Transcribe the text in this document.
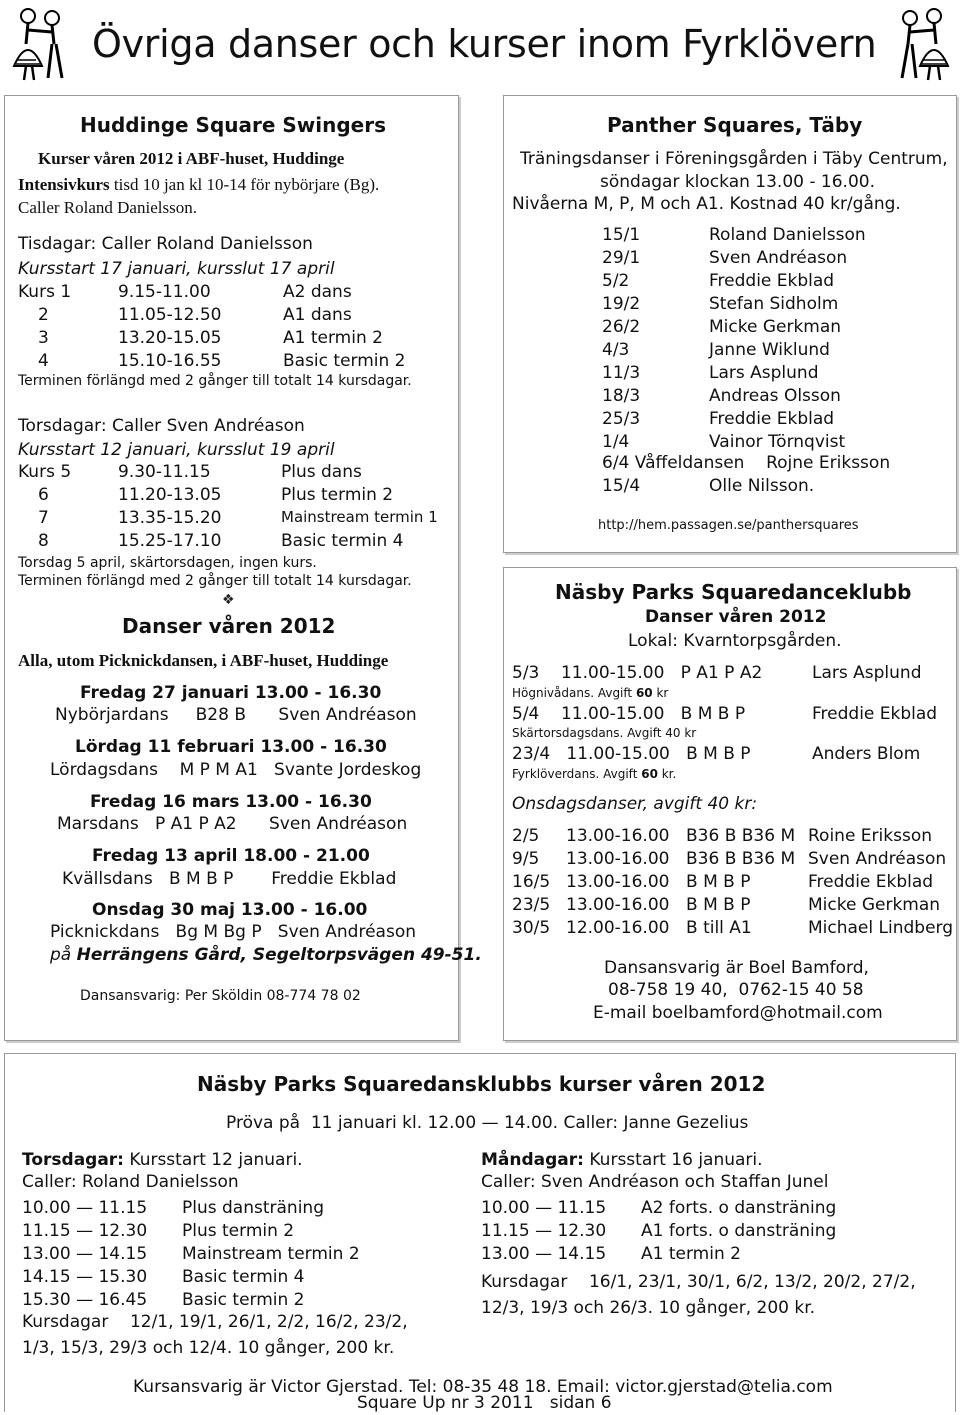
Övriga danser och kurser inom Fyrklövern
Huddinge Square Swingers
Kurser våren 2012 i ABF-huset, Huddinge
Intensivkurs tisd 10 jan kl 10-14 för nybörjare (Bg).
Caller Roland Danielsson.
Tisdagar: Caller Roland Danielsson
Kursstart 17 januari, kursslut 17 april
Kurs 1	9.15-11.00	A2 dans
2	11.05-12.50	A1 dans
3	13.20-15.05	A1 termin 2
4	15.10-16.55	Basic termin 2
Terminen förlängd med 2 gånger till totalt 14 kursdagar.
Torsdagar: Caller Sven Andréason
Kursstart 12 januari, kursslut 19 april
Kurs 5	9.30-11.15	Plus dans
6	11.20-13.05	Plus termin 2
7	13.35-15.20	Mainstream termin 1
8	15.25-17.10	Basic termin 4
Torsdag 5 april, skärtorsdagen, ingen kurs.
Terminen förlängd med 2 gånger till totalt 14 kursdagar.
❖
Danser våren 2012
Alla, utom Picknickdansen, i ABF-huset, Huddinge
Fredag 27 januari 13.00 - 16.30
Nybörjardans     B28 B      Sven Andréason
Lördag 11 februari 13.00 - 16.30
Lördagsdans    M P M A1   Svante Jordeskog
Fredag 16 mars 13.00 - 16.30
Marsdans   P A1 P A2      Sven Andréason
Fredag 13 april 18.00 - 21.00
Kvällsdans   B M B P       Freddie Ekblad
Onsdag 30 maj 13.00 - 16.00
Picknickdans   Bg M Bg P   Sven Andréason
på Herrängens Gård, Segeltorpsvägen 49-51.
Dansansvarig: Per Sköldin 08-774 78 02
Panther Squares, Täby
Träningsdanser i Föreningsgården i Täby Centrum,
söndagar klockan 13.00 - 16.00.
Nivåerna M, P, M och A1. Kostnad 40 kr/gång.
15/1	Roland Danielsson
29/1	Sven Andréason
5/2	Freddie Ekblad
19/2	Stefan Sidholm
26/2	Micke Gerkman
4/3	Janne Wiklund
11/3	Lars Asplund
18/3	Andreas Olsson
25/3	Freddie Ekblad
1/4	Vainor Törnqvist
6/4 Våffeldansen Rojne Eriksson
15/4	Olle Nilsson.
http://hem.passagen.se/panthersquares
Näsby Parks Squaredanceklubb
Danser våren 2012
Lokal: Kvarntorpsgården.
5/3    11.00-15.00   P A1 P A2	Lars Asplund
Högnivådans. Avgift 60 kr
5/4    11.00-15.00   B M B P	Freddie Ekblad
Skärtorsdagsdans. Avgift 40 kr
23/4   11.00-15.00   B M B P	Anders Blom
Fyrklöverdans. Avgift 60 kr.
Onsdagsdanser, avgift 40 kr:
2/5	13.00-16.00	B36 B B36 M	Roine Eriksson
9/5	13.00-16.00	B36 B B36 M	Sven Andréason
16/5	13.00-16.00	B M B P	Freddie Ekblad
23/5	13.00-16.00	B M B P	Micke Gerkman
30/5	12.00-16.00	B till A1	Michael Lindberg
Dansansvarig är Boel Bamford,
08-758 19 40,  0762-15 40 58
E-mail boelbamford@hotmail.com
Näsby Parks Squaredansklubbs kurser våren 2012
Pröva på  11 januari kl. 12.00 — 14.00. Caller: Janne Gezelius
Torsdagar: Kursstart 12 januari.
Caller: Roland Danielsson
10.00 — 11.15	Plus dansträning
11.15 — 12.30	Plus termin 2
13.00 — 14.15	Mainstream termin 2
14.15 — 15.30	Basic termin 4
15.30 — 16.45	Basic termin 2
Kursdagar    12/1, 19/1, 26/1, 2/2, 16/2, 23/2,
1/3, 15/3, 29/3 och 12/4. 10 gånger, 200 kr.
Måndagar: Kursstart 16 januari.
Caller: Sven Andréason och Staffan Junel
10.00 — 11.15	A2 forts. o dansträning
11.15 — 12.30	A1 forts. o dansträning
13.00 — 14.15	A1 termin 2
Kursdagar    16/1, 23/1, 30/1, 6/2, 13/2, 20/2, 27/2,
12/3, 19/3 och 26/3. 10 gånger, 200 kr.
Kursansvarig är Victor Gjerstad. Tel: 08-35 48 18. Email: victor.gjerstad@telia.com
Square Up nr 3 2011   sidan 6
